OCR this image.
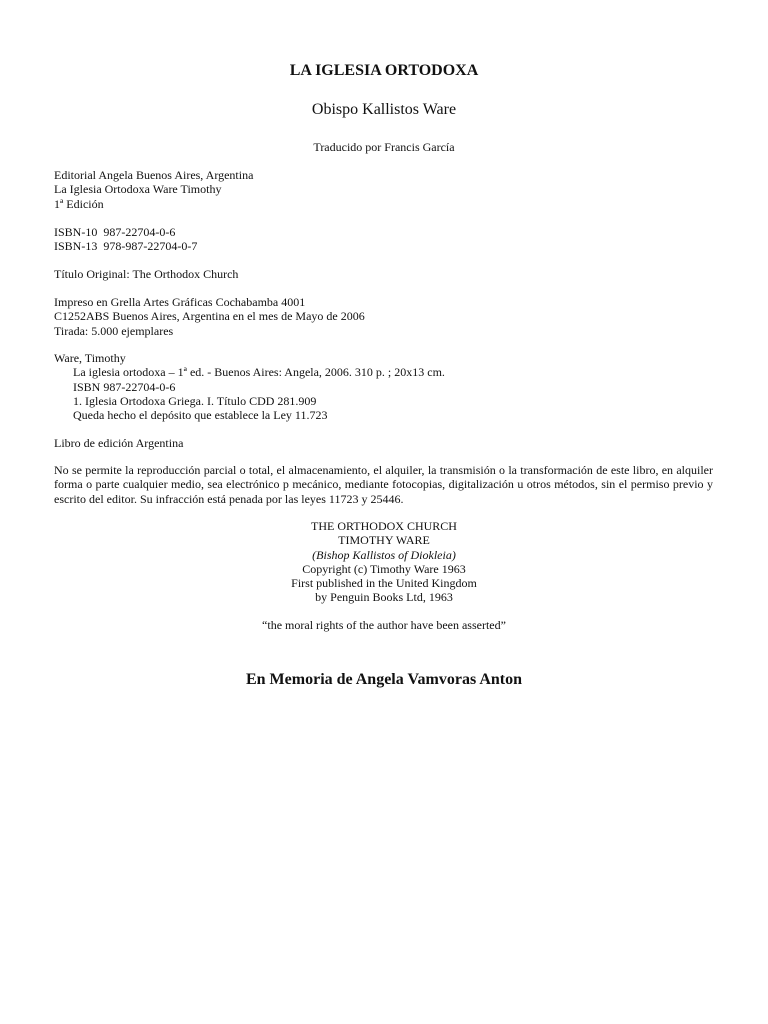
LA IGLESIA ORTODOXA
Obispo Kallistos Ware

Traducido por Francis García

Editorial Angela Buenos Aires, Argentina

La Iglesia Ortodoxa Ware Timothy

1ª Edición

ISBN-10  987-22704-0-6

ISBN-13  978-987-22704-0-7

Título Original: The Orthodox Church

Impreso en Grella Artes Gráficas Cochabamba 4001

C1252ABS Buenos Aires, Argentina en el mes de Mayo de 2006

Tirada: 5.000 ejemplares

Ware, Timothy

La iglesia ortodoxa – 1ª ed. - Buenos Aires: Angela, 2006. 310 p. ; 20x13 cm.

ISBN 987-22704-0-6

1. Iglesia Ortodoxa Griega. I. Título CDD 281.909

Queda hecho el depósito que establece la Ley 11.723

Libro de edición Argentina

No se permite la reproducción parcial o total, el almacenamiento, el alquiler, la transmisión o la transformación de este libro, en alquiler forma o parte cualquier medio, sea electrónico p mecánico, mediante fotocopias, digitalización u otros métodos, sin el permiso previo y escrito del editor. Su infracción está penada por las leyes 11723 y 25446.

THE ORTHODOX CHURCH

TIMOTHY WARE

(Bishop Kallistos of Diokleia)

Copyright (c) Timothy Ware 1963

First published in the United Kingdom

by Penguin Books Ltd, 1963

“the moral rights of the author have been asserted”

En Memoria de Angela Vamvoras Anton
